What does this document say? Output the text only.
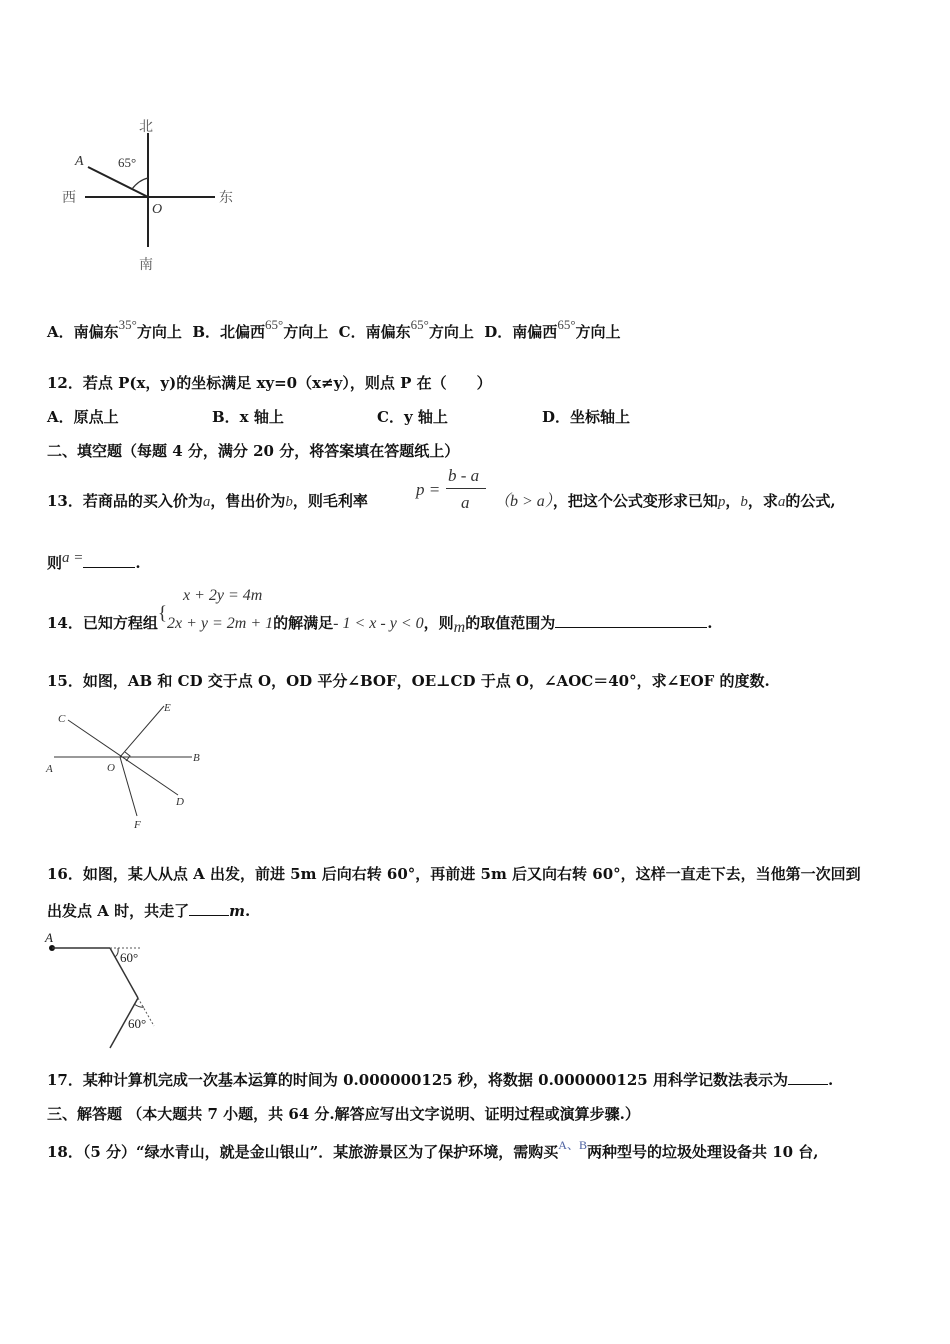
北
南
西	东
A
O
65°
A．南偏东35°方向上 B．北偏西65°方向上 C．南偏东65°方向上 D．南偏西65°方向上
12．若点 P(x，y)的坐标满足 xy=0（x≠y），则点 P 在（　　）
A．原点上	B．x 轴上	C．y 轴上	D．坐标轴上
二、填空题（每题 4 分，满分 20 分，将答案填在答题纸上）
13．若商品的买入价为a，售出价为b，则毛利率
p =
b - a
a （b > a），把这个公式变形求已知p，b，求a的公式,
则a =	.
x + 2y = 4m
14．已知方程组{2x + y = 2m + 1的解满足- 1 < x - y < 0，则m的取值范围为	.
15．如图，AB 和 CD 交于点 O，OD 平分∠BOF，OE⊥CD 于点 O，∠AOC＝40°，求∠EOF 的度数.
A
B
C
D
E
F
O
16．如图，某人从点 A 出发，前进 5m 后向右转 60°，再前进 5m 后又向右转 60°，这样一直走下去，当他第一次回到
出发点 A 时，共走了	m.
A
60°
60°
17．某种计算机完成一次基本运算的时间为 0.000000125 秒，将数据 0.000000125 用科学记数法表示为	.
三、解答题 （本大题共 7 小题，共 64 分.解答应写出文字说明、证明过程或演算步骤.）
18．（5 分）“绿水青山，就是金山银山”．某旅游景区为了保护环境，需购买$^{A、B}$两种型号的垃圾处理设备共 10 台,
